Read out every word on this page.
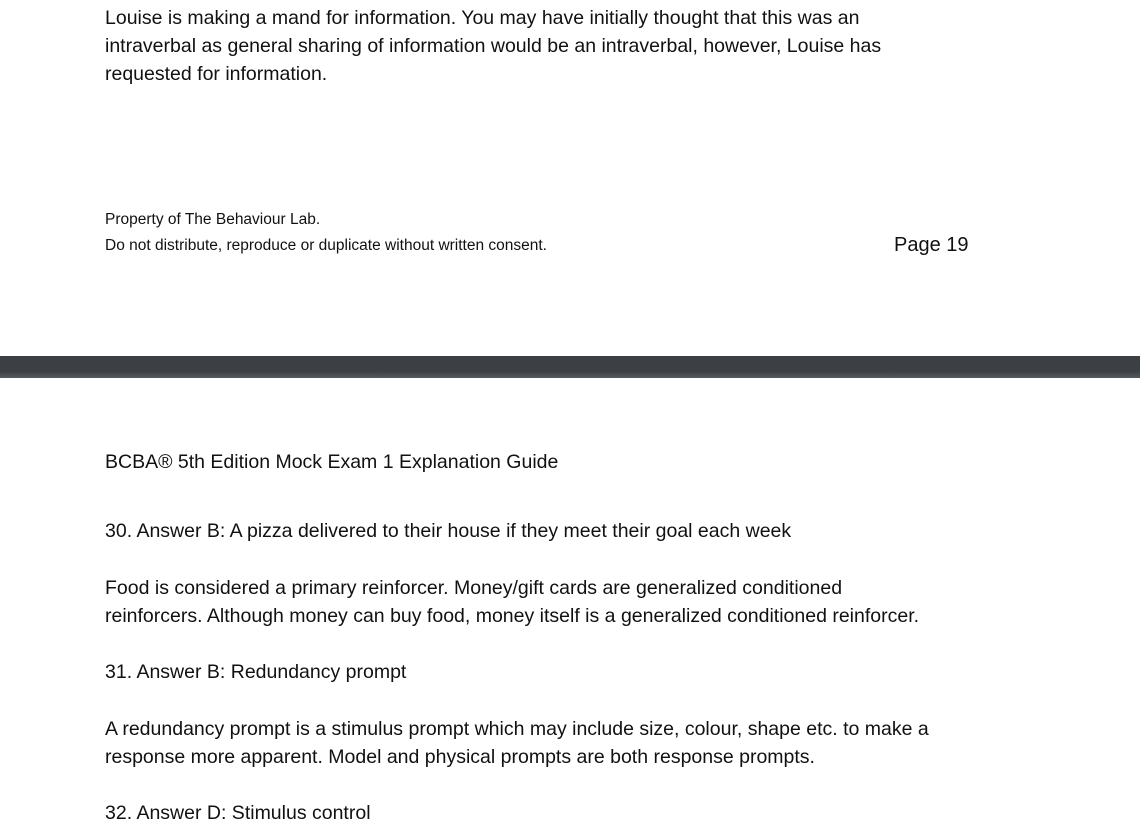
Louise is making a mand for information. You may have initially thought that this was an
intraverbal as general sharing of information would be an intraverbal, however, Louise has
requested for information.

Property of The Behaviour Lab.
Do not distribute, reproduce or duplicate without written consent.	Page 19

BCBA® 5th Edition Mock Exam 1 Explanation Guide

30. Answer B: A pizza delivered to their house if they meet their goal each week

Food is considered a primary reinforcer. Money/gift cards are generalized conditioned
reinforcers. Although money can buy food, money itself is a generalized conditioned reinforcer.

31. Answer B: Redundancy prompt

A redundancy prompt is a stimulus prompt which may include size, colour, shape etc. to make a
response more apparent. Model and physical prompts are both response prompts.

32. Answer D: Stimulus control
